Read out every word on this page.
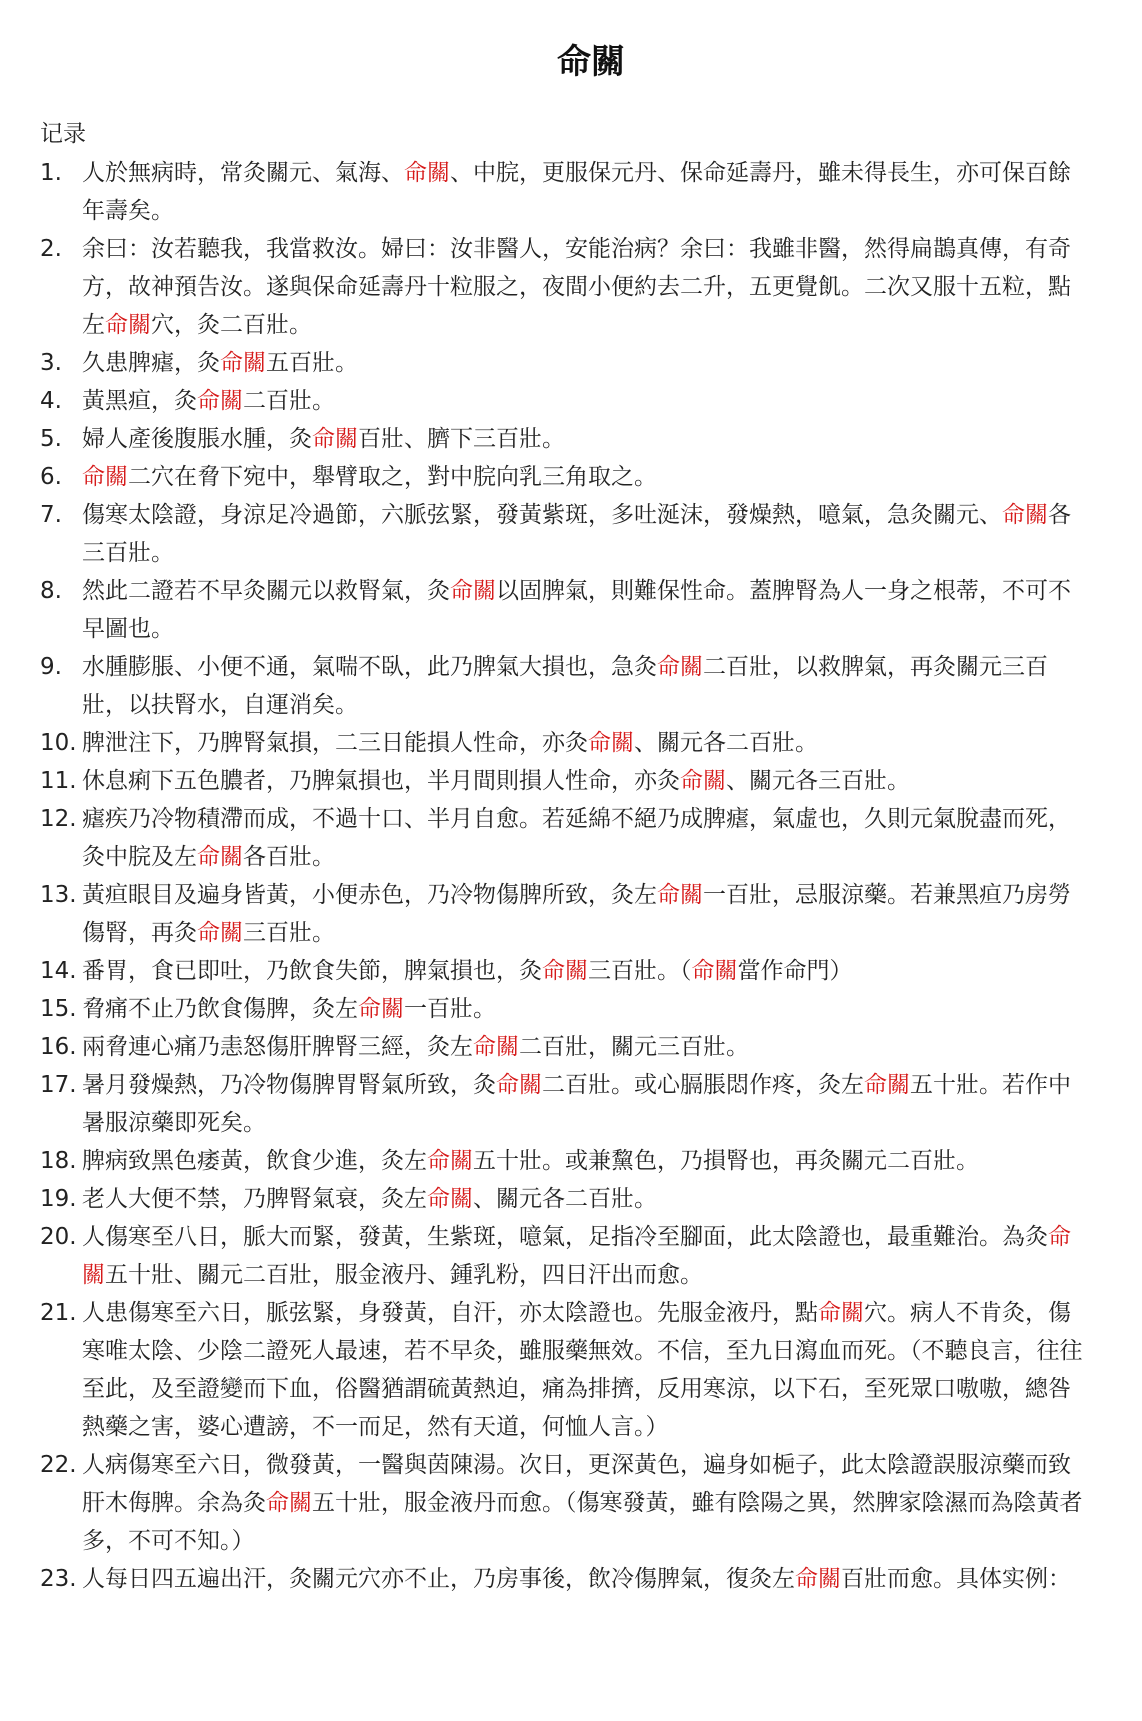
命關
记录
1. 人於無病時，常灸關元、氣海、命關、中脘，更服保元丹、保命延壽丹，雖未得長生，亦可保百餘年壽矣。
2. 余曰：汝若聽我，我當救汝。婦曰：汝非醫人，安能治病？余曰：我雖非醫，然得扁鵲真傳，有奇方，故神預告汝。遂與保命延壽丹十粒服之，夜間小便約去二升，五更覺飢。二次又服十五粒，點左命關穴，灸二百壯。
3. 久患脾瘧，灸命關五百壯。
4. 黃黑疸，灸命關二百壯。
5. 婦人產後腹脹水腫，灸命關百壯、臍下三百壯。
6. 命關二穴在脅下宛中，舉臂取之，對中脘向乳三角取之。
7. 傷寒太陰證，身涼足冷過節，六脈弦緊，發黃紫斑，多吐涎沫，發燥熱，噫氣，急灸關元、命關各三百壯。
8. 然此二證若不早灸關元以救腎氣，灸命關以固脾氣，則難保性命。蓋脾腎為人一身之根蒂，不可不早圖也。
9. 水腫膨脹、小便不通，氣喘不臥，此乃脾氣大損也，急灸命關二百壯，以救脾氣，再灸關元三百壯，以扶腎水，自運消矣。
10. 脾泄注下，乃脾腎氣損，二三日能損人性命，亦灸命關、關元各二百壯。
11. 休息痢下五色膿者，乃脾氣損也，半月間則損人性命，亦灸命關、關元各三百壯。
12. 瘧疾乃冷物積滯而成，不過十口、半月自愈。若延綿不絕乃成脾瘧，氣虛也，久則元氣脫盡而死，灸中脘及左命關各百壯。
13. 黃疸眼目及遍身皆黃，小便赤色，乃冷物傷脾所致，灸左命關一百壯，忌服涼藥。若兼黑疸乃房勞傷腎，再灸命關三百壯。
14. 番胃，食已即吐，乃飲食失節，脾氣損也，灸命關三百壯。（命關當作命門）
15. 脅痛不止乃飲食傷脾，灸左命關一百壯。
16. 兩脅連心痛乃恚怒傷肝脾腎三經，灸左命關二百壯，關元三百壯。
17. 暑月發燥熱，乃冷物傷脾胃腎氣所致，灸命關二百壯。或心膈脹悶作疼，灸左命關五十壯。若作中暑服涼藥即死矣。
18. 脾病致黑色痿黃，飲食少進，灸左命關五十壯。或兼黧色，乃損腎也，再灸關元二百壯。
19. 老人大便不禁，乃脾腎氣衰，灸左命關、關元各二百壯。
20. 人傷寒至八日，脈大而緊，發黃，生紫斑，噫氣，足指冷至腳面，此太陰證也，最重難治。為灸命關五十壯、關元二百壯，服金液丹、鍾乳粉，四日汗出而愈。
21. 人患傷寒至六日，脈弦緊，身發黃，自汗，亦太陰證也。先服金液丹，點命關穴。病人不肯灸，傷寒唯太陰、少陰二證死人最速，若不早灸，雖服藥無效。不信，至九日瀉血而死。（不聽良言，往往至此，及至證變而下血，俗醫猶謂硫黃熱迫，痛為排擠，反用寒涼，以下石，至死眾口嗷嗷，總咎熱藥之害，婆心遭謗，不一而足，然有天道，何恤人言。）
22. 人病傷寒至六日，微發黃，一醫與茵陳湯。次日，更深黃色，遍身如梔子，此太陰證誤服涼藥而致肝木侮脾。余為灸命關五十壯，服金液丹而愈。（傷寒發黃，雖有陰陽之異，然脾家陰濕而為陰黃者多，不可不知。）
23. 人每日四五遍出汗，灸關元穴亦不止，乃房事後，飲冷傷脾氣，復灸左命關百壯而愈。具体实例：
